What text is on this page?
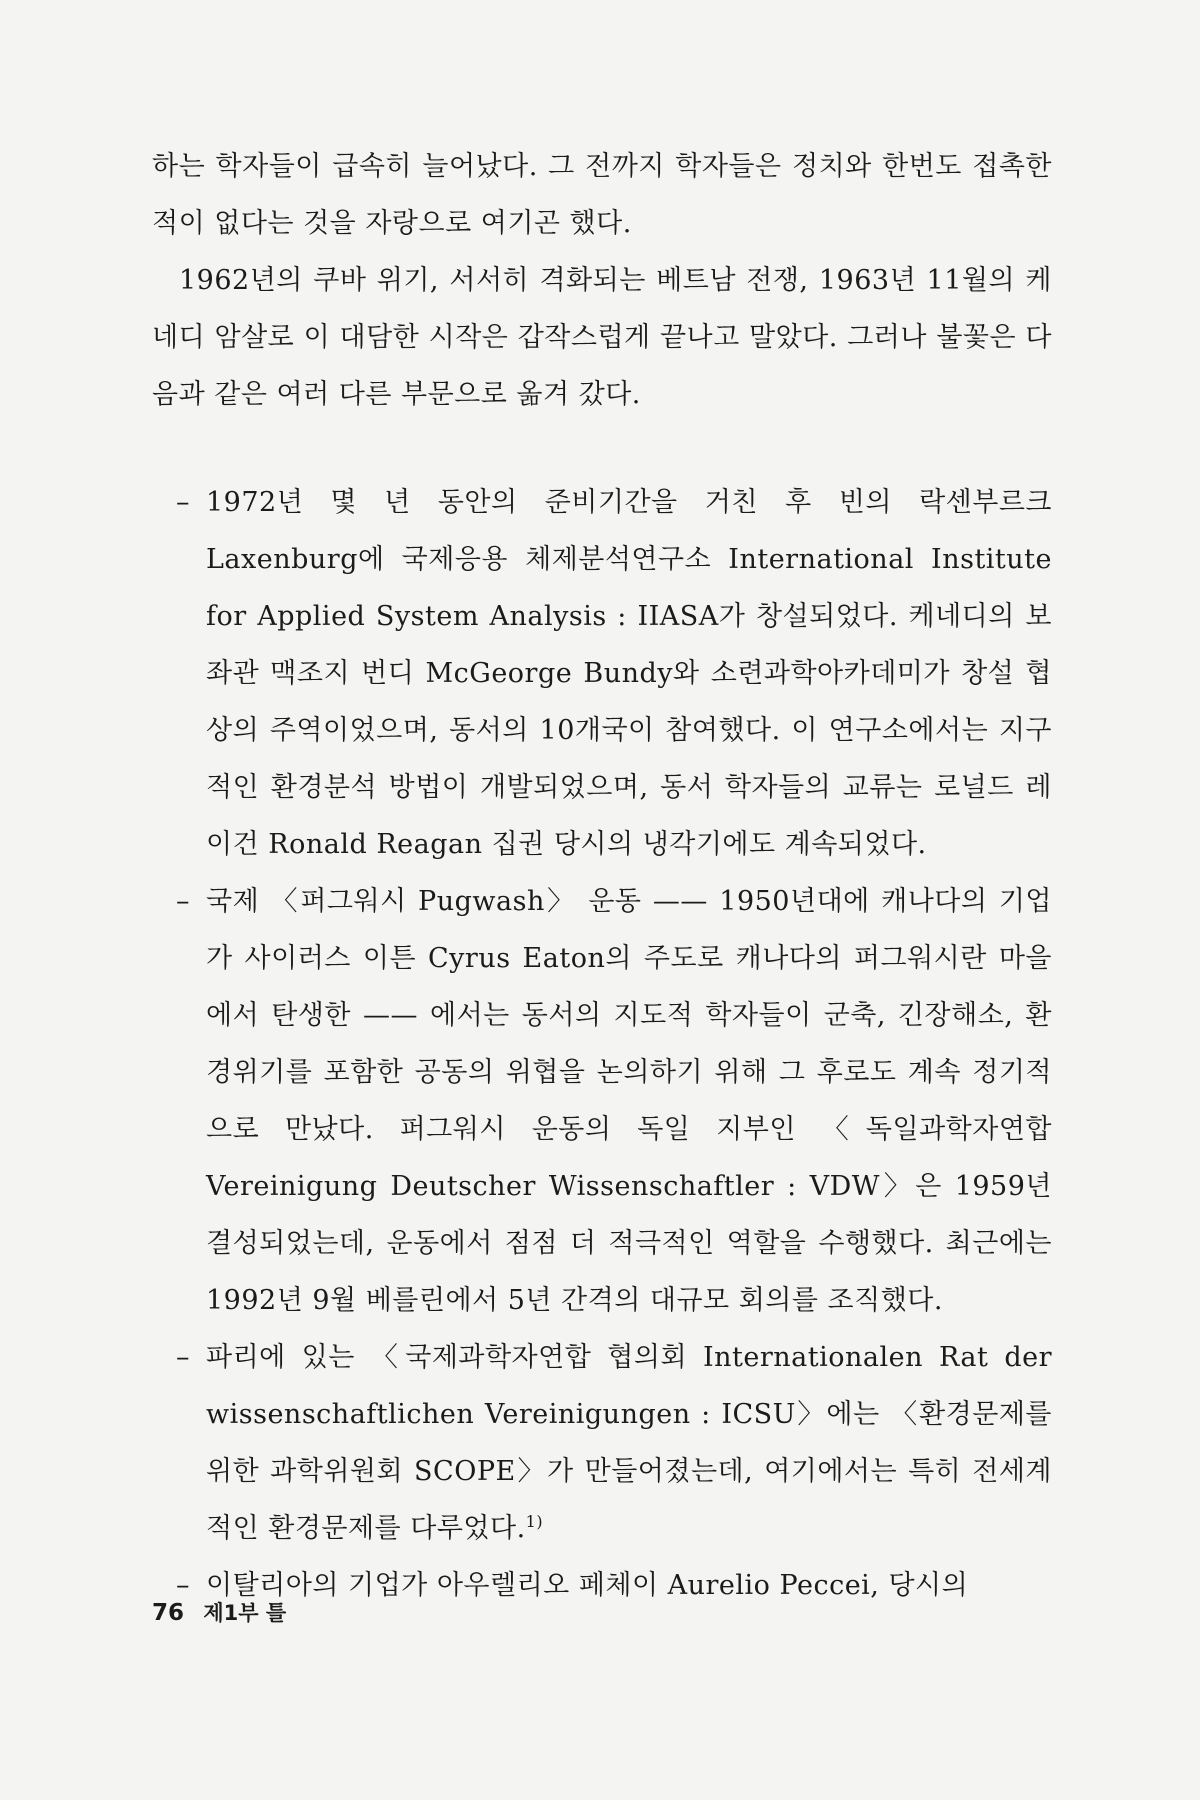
하는 학자들이 급속히 늘어났다. 그 전까지 학자들은 정치와 한번도 접촉한 적이 없다는 것을 자랑으로 여기곤 했다.

1962년의 쿠바 위기, 서서히 격화되는 베트남 전쟁, 1963년 11월의 케네디 암살로 이 대담한 시작은 갑작스럽게 끝나고 말았다. 그러나 불꽃은 다음과 같은 여러 다른 부문으로 옮겨 갔다.

– 1972년 몇 년 동안의 준비기간을 거친 후 빈의 락센부르크 Laxenburg에 국제응용 체제분석연구소 International Institute for Applied System Analysis : IIASA가 창설되었다. 케네디의 보좌관 맥조지 번디 McGeorge Bundy와 소련과학아카데미가 창설 협상의 주역이었으며, 동서의 10개국이 참여했다. 이 연구소에서는 지구적인 환경분석 방법이 개발되었으며, 동서 학자들의 교류는 로널드 레이건 Ronald Reagan 집권 당시의 냉각기에도 계속되었다.
– 국제 〈퍼그워시 Pugwash〉 운동 —— 1950년대에 캐나다의 기업가 사이러스 이튼 Cyrus Eaton의 주도로 캐나다의 퍼그워시란 마을에서 탄생한 —— 에서는 동서의 지도적 학자들이 군축, 긴장해소, 환경위기를 포함한 공동의 위협을 논의하기 위해 그 후로도 계속 정기적으로 만났다. 퍼그워시 운동의 독일 지부인 〈독일과학자연합 Vereinigung Deutscher Wissenschaftler : VDW〉은 1959년 결성되었는데, 운동에서 점점 더 적극적인 역할을 수행했다. 최근에는 1992년 9월 베를린에서 5년 간격의 대규모 회의를 조직했다.
– 파리에 있는 〈국제과학자연합 협의회 Internationalen Rat der wissenschaftlichen Vereinigungen : ICSU〉에는 〈환경문제를 위한 과학위원회 SCOPE〉가 만들어졌는데, 여기에서는 특히 전세계적인 환경문제를 다루었다.$^{1)}$
– 이탈리아의 기업가 아우렐리오 페체이 Aurelio Peccei, 당시의
76 제1부 틀
